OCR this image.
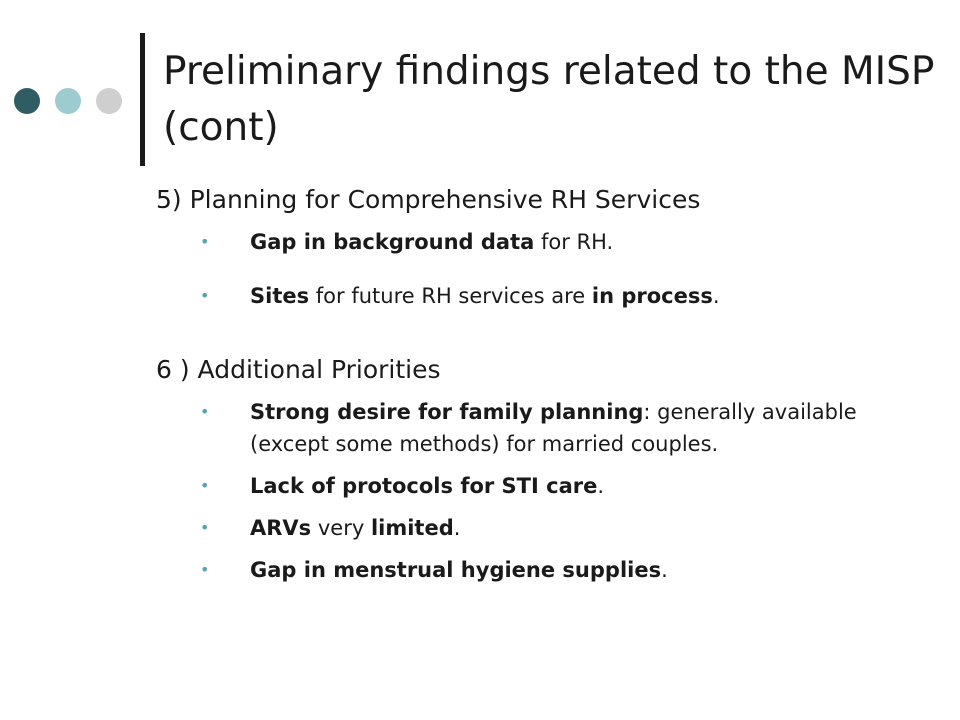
Preliminary findings related to the MISP (cont)

5) Planning for Comprehensive RH Services

• Gap in background data for RH.
• Sites for future RH services are in process.

6 ) Additional Priorities

• Strong desire for family planning: generally available (except some methods) for married couples.
• Lack of protocols for STI care.
• ARVs very limited.
• Gap in menstrual hygiene supplies.
